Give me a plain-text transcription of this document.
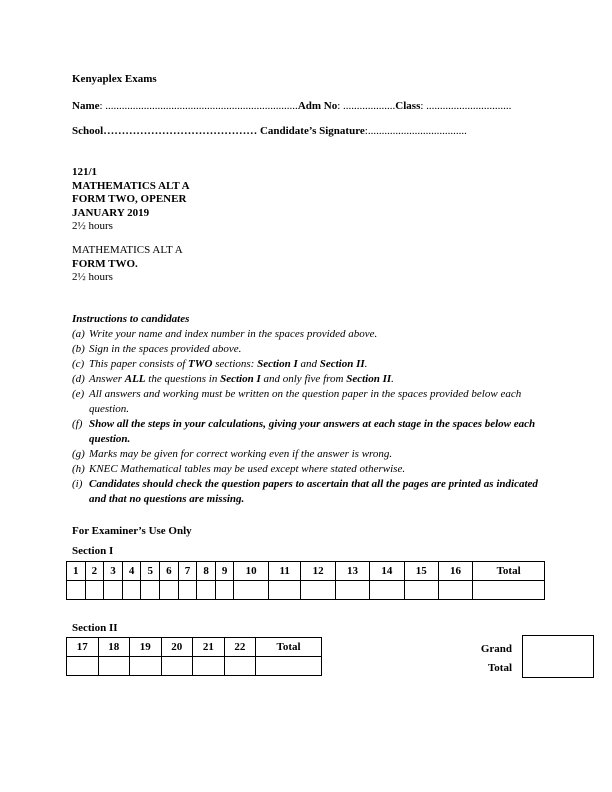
Kenyaplex Exams
Name: ......................................................................Adm No: ...................Class: ...............................
School…………………………………… Candidate’s Signature:....................................
121/1
MATHEMATICS ALT A
FORM TWO, OPENER
JANUARY 2019
2½ hours
MATHEMATICS ALT A
FORM TWO.
2½ hours
Instructions to candidates
(a) Write your name and index number in the spaces provided above.
(b) Sign in the spaces provided above.
(c) This paper consists of TWO sections: Section I and Section II.
(d) Answer ALL the questions in Section I and only five from Section II.
(e) All answers and working must be written on the question paper in the spaces provided below each question.
(f) Show all the steps in your calculations, giving your answers at each stage in the spaces below each question.
(g) Marks may be given for correct working even if the answer is wrong.
(h) KNEC Mathematical tables may be used except where stated otherwise.
(i) Candidates should check the question papers to ascertain that all the pages are printed as indicated and that no questions are missing.
For Examiner’s Use Only
Section I
1	2	3	4	5	6	7	8	9	10	11	12	13	14	15	16	Total

Section II
17	18	19	20	21	22	Total
							Grand
Total
